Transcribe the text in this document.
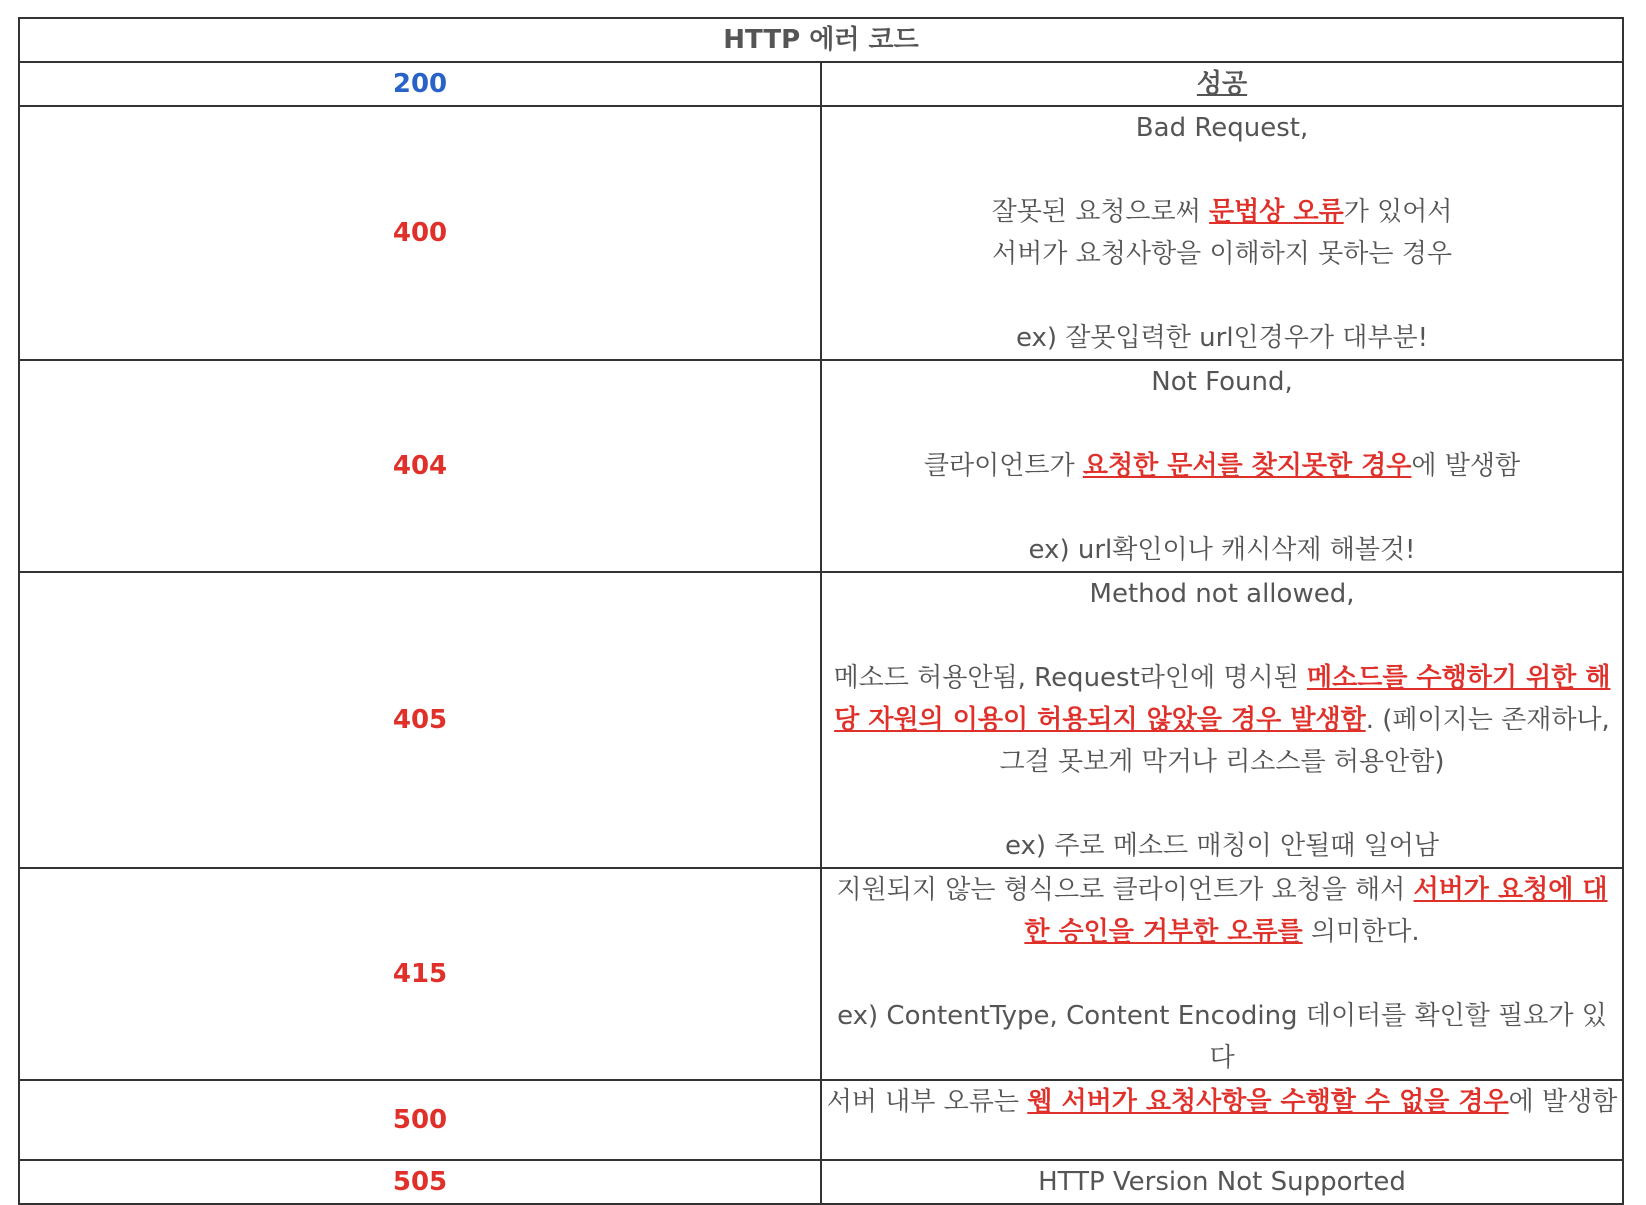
HTTP 에러 코드	
200	성공
400	Bad Request,
잘못된 요청으로써 문법상 오류가 있어서
서버가 요청사항을 이해하지 못하는 경우
ex) 잘못입력한 url인경우가 대부분!

404	Not Found,
클라이언트가 요청한 문서를 찾지못한 경우에 발생함
ex) url확인이나 캐시삭제 해볼것!

405	Method not allowed,
메소드 허용안됨, Request라인에 명시된 메소드를 수행하기 위한 해당 자원의 이용이 허용되지 않았을 경우 발생함. (페이지는 존재하나, 그걸 못보게 막거나 리소스를 허용안함)
ex) 주로 메소드 매칭이 안될때 일어남

415	지원되지 않는 형식으로 클라이언트가 요청을 해서 서버가 요청에 대한 승인을 거부한 오류를 의미한다.
ex) ContentType, Content Encoding 데이터를 확인할 필요가 있다

500	서버 내부 오류는 웹 서버가 요청사항을 수행할 수 없을 경우에 발생함

505	HTTP Version Not Supported
